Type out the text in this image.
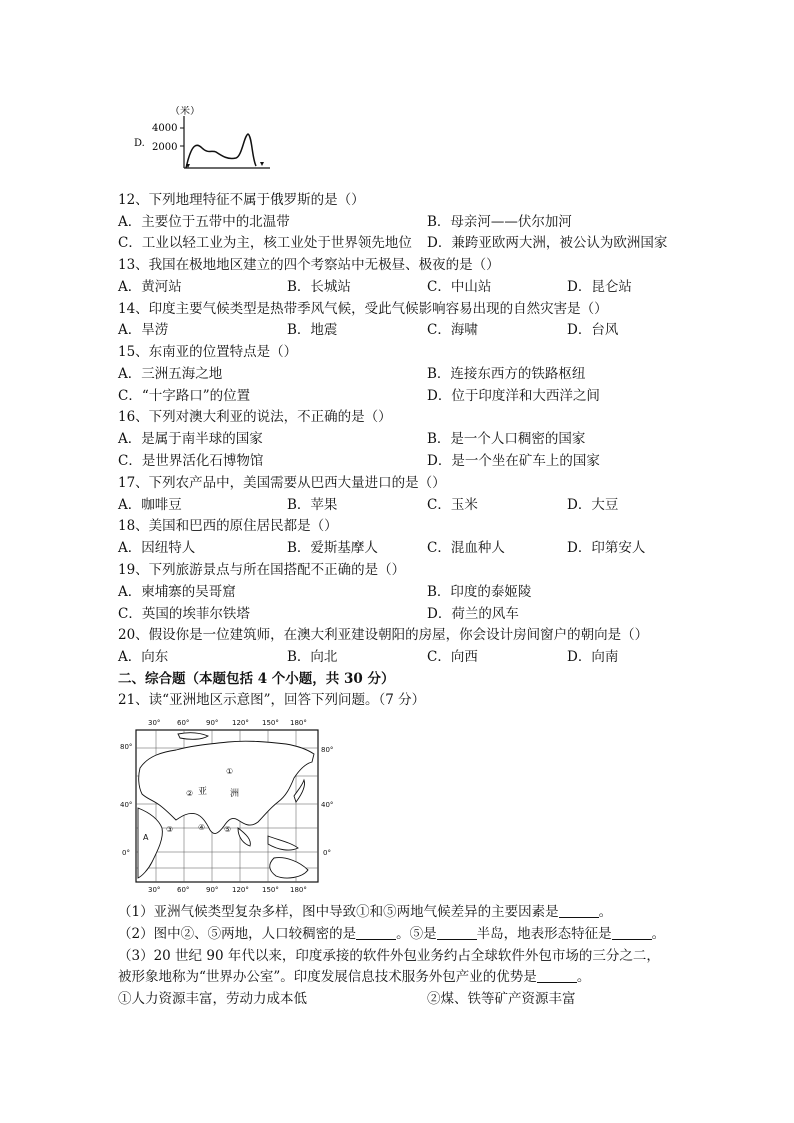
D.
（米）
4000
2000
12、下列地理特征不属于俄罗斯的是（）
A．主要位于五带中的北温带	B．母亲河——伏尔加河
C．工业以轻工业为主，核工业处于世界领先地位 D．兼跨亚欧两大洲，被公认为欧洲国家
13、我国在极地地区建立的四个考察站中无极昼、极夜的是（）
A．黄河站	B．长城站	C．中山站	D．昆仑站
14、印度主要气候类型是热带季风气候，受此气候影响容易出现的自然灾害是（）
A．旱涝	B．地震	C．海啸	D．台风
15、东南亚的位置特点是（）
A．三洲五海之地	B．连接东西方的铁路枢纽
C．“十字路口”的位置	D．位于印度洋和大西洋之间
16、下列对澳大利亚的说法，不正确的是（）
A．是属于南半球的国家	B．是一个人口稠密的国家
C．是世界活化石博物馆	D．是一个坐在矿车上的国家
17、下列农产品中，美国需要从巴西大量进口的是（）
A．咖啡豆	B．苹果	C．玉米	D．大豆
18、美国和巴西的原住居民都是（）
A．因纽特人	B．爱斯基摩人	C．混血种人	D．印第安人
19、下列旅游景点与所在国搭配不正确的是（）
A．柬埔寨的吴哥窟	B．印度的泰姬陵
C．英国的埃菲尔铁塔	D．荷兰的风车
20、假设你是一位建筑师，在澳大利亚建设朝阳的房屋，你会设计房间窗户的朝向是（）
A．向东	B．向北	C．向西	D．向南
二、综合题（本题包括 4 个小题，共 30 分）
21、读“亚洲地区示意图”，回答下列问题。（7 分）
30° 60° 90° 120° 150° 180°
30° 60° 90° 120° 150° 180°
80°
40°
0°
80°
40°
0°
亚	洲
①
②
③	④ ⑤
A
（1）亚洲气候类型复杂多样，图中导致①和⑤两地气候差异的主要因素是	。
（2）图中②、⑤两地，人口较稠密的是	。⑤是	半岛，地表形态特征是	。
（3）20 世纪 90 年代以来，印度承接的软件外包业务约占全球软件外包市场的三分之二，
被形象地称为“世界办公室”。印度发展信息技术服务外包产业的优势是	。
①人力资源丰富，劳动力成本低	②煤、铁等矿产资源丰富
